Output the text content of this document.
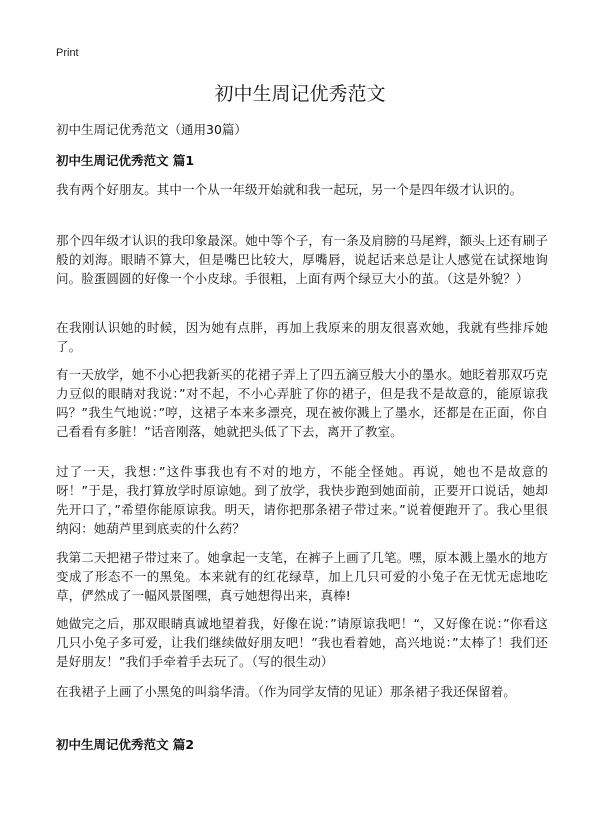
Print
初中生周记优秀范文
初中生周记优秀范文（通用30篇）
初中生周记优秀范文 篇1
我有两个好朋友。其中一个从一年级开始就和我一起玩，另一个是四年级才认识的。
那个四年级才认识的我印象最深。她中等个子，有一条及肩膀的马尾辫，额头上还有刷子般的刘海。眼睛不算大，但是嘴巴比较大，厚嘴唇，说起话来总是让人感觉在试探地询问。脸蛋圆圆的好像一个小皮球。手很粗，上面有两个绿豆大小的茧。（这是外貌？）
在我刚认识她的时候，因为她有点胖，再加上我原来的朋友很喜欢她，我就有些排斥她了。
有一天放学，她不小心把我新买的花裙子弄上了四五滴豆般大小的墨水。她眨着那双巧克力豆似的眼睛对我说：”对不起，不小心弄脏了你的裙子，但是我不是故意的，能原谅我吗？”我生气地说：”哼，这裙子本来多漂亮，现在被你溅上了墨水，还都是在正面，你自己看看有多脏！”话音刚落，她就把头低了下去，离开了教室。
过了一天，我想：”这件事我也有不对的地方，不能全怪她。再说，她也不是故意的呀！”于是，我打算放学时原谅她。到了放学，我快步跑到她面前，正要开口说话，她却先开口了，”希望你能原谅我。明天，请你把那条裙子带过来。”说着便跑开了。我心里很纳闷：她葫芦里到底卖的什么药？
我第二天把裙子带过来了。她拿起一支笔，在裤子上画了几笔。嘿，原本溅上墨水的地方变成了形态不一的黑兔。本来就有的红花绿草，加上几只可爱的小兔子在无忧无虑地吃草，俨然成了一幅风景图嘿，真亏她想得出来，真棒!
她做完之后，那双眼睛真诚地望着我，好像在说：”请原谅我吧！“，又好像在说：”你看这几只小兔子多可爱，让我们继续做好朋友吧！”我也看着她，高兴地说：”太棒了！我们还是好朋友！”我们手牵着手去玩了。（写的很生动）
在我裙子上画了小黑兔的叫翁华清。（作为同学友情的见证）那条裙子我还保留着。
初中生周记优秀范文 篇2
